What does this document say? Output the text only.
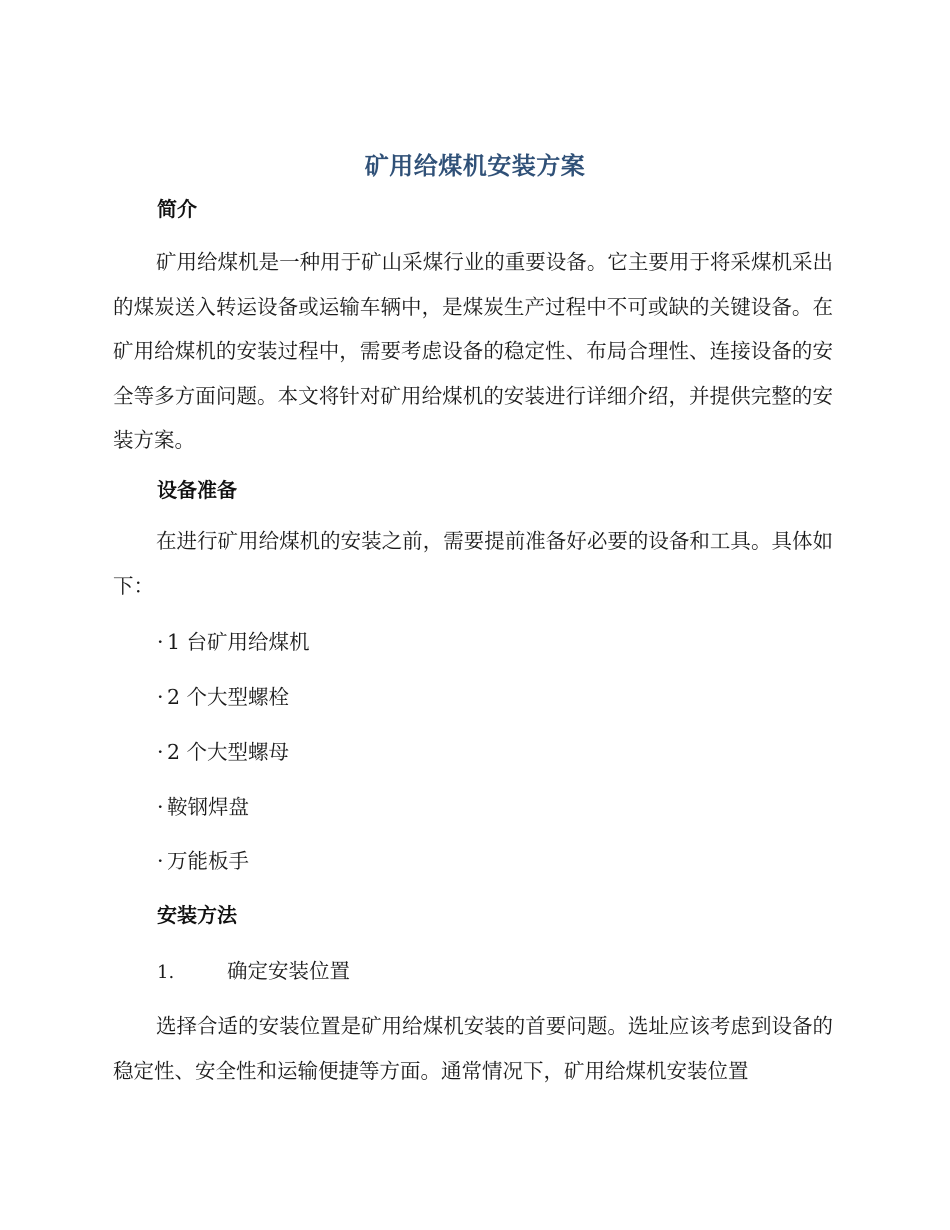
矿用给煤机安装方案
简介
矿用给煤机是一种用于矿山采煤行业的重要设备。它主要用于将采煤机采出的煤炭送入转运设备或运输车辆中，是煤炭生产过程中不可或缺的关键设备。在矿用给煤机的安装过程中，需要考虑设备的稳定性、布局合理性、连接设备的安全等多方面问题。本文将针对矿用给煤机的安装进行详细介绍，并提供完整的安装方案。
设备准备
在进行矿用给煤机的安装之前，需要提前准备好必要的设备和工具。具体如下：
· 1 台矿用给煤机
· 2 个大型螺栓
· 2 个大型螺母
· 鞍钢焊盘
· 万能板手
安装方法
1.	确定安装位置
选择合适的安装位置是矿用给煤机安装的首要问题。选址应该考虑到设备的稳定性、安全性和运输便捷等方面。通常情况下，矿用给煤机安装位置
